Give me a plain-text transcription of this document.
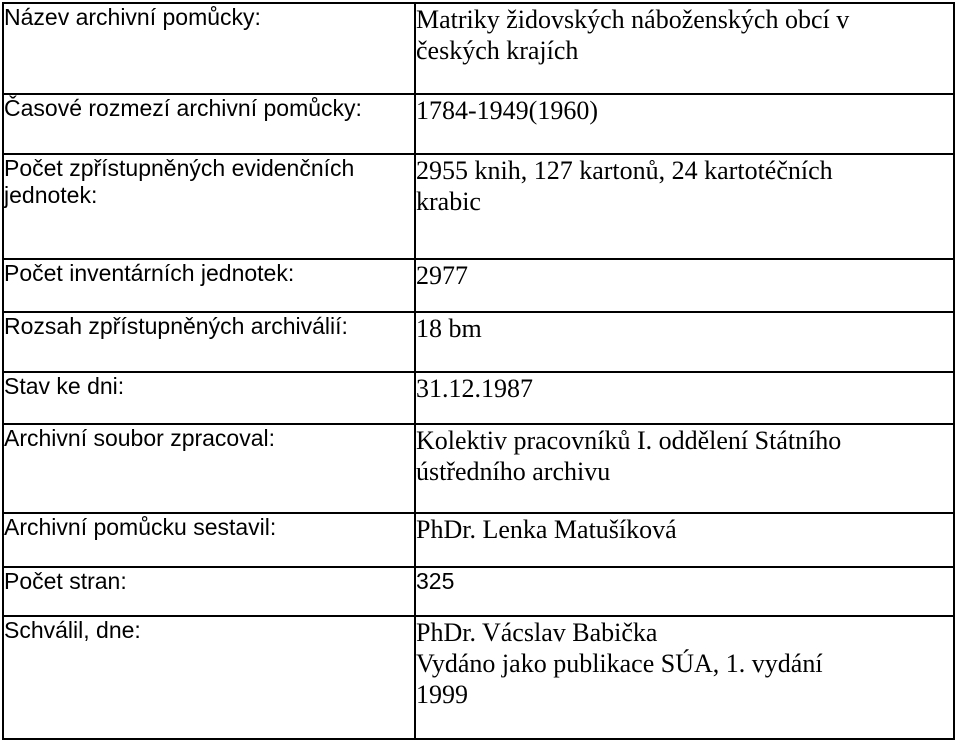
Název archivní pomůcky:	Matriky židovských náboženských obcí v
českých krajích

Časové rozmezí archivní pomůcky:	1784-1949(1960)

Počet zpřístupněných evidenčních jednotek:	2955 knih, 127 kartonů, 24 kartotéčních
krabic

Počet inventárních jednotek:	2977

Rozsah zpřístupněných archiválií:	18 bm

Stav ke dni:	31.12.1987

Archivní soubor zpracoval:	Kolektiv pracovníků I. oddělení Státního
ústředního archivu

Archivní pomůcku sestavil:	PhDr. Lenka Matušíková

Počet stran:	325

Schválil, dne:	PhDr. Vácslav Babička
Vydáno jako publikace SÚA, 1. vydání
1999
